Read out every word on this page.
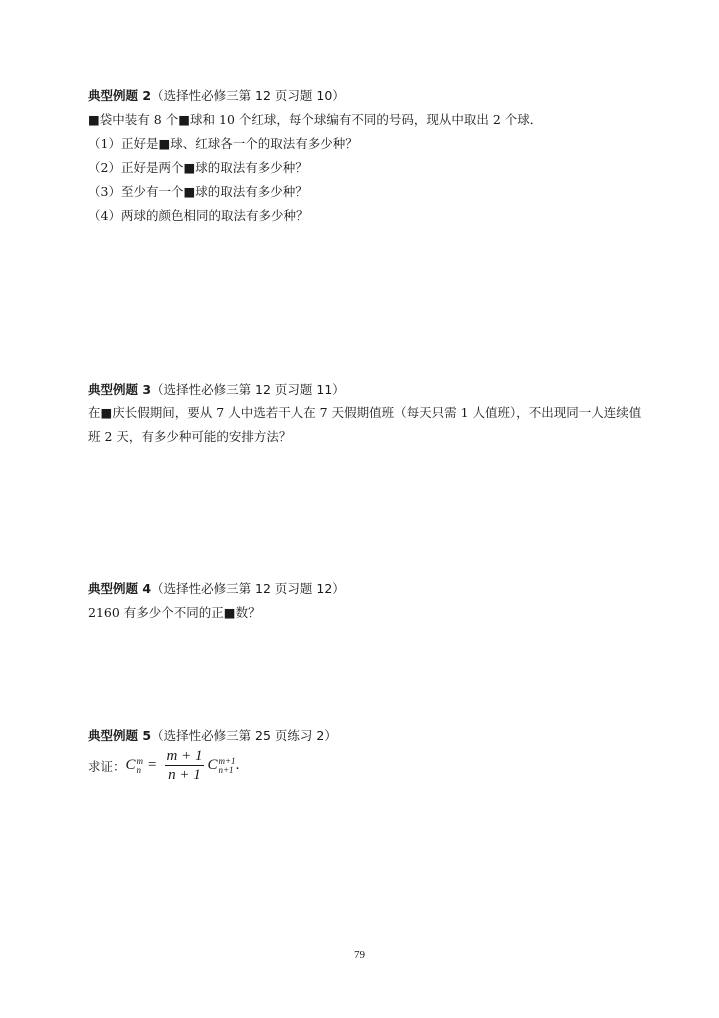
典型例题 2（选择性必修三第 12 页习题 10）
■袋中装有 8 个■球和 10 个红球，每个球编有不同的号码，现从中取出 2 个球．
（1）正好是■球、红球各一个的取法有多少种？
（2）正好是两个■球的取法有多少种？
（3）至少有一个■球的取法有多少种？
（4）两球的颜色相同的取法有多少种？
典型例题 3（选择性必修三第 12 页习题 11）
在■庆长假期间，要从 7 人中选若干人在 7 天假期值班（每天只需 1 人值班），不出现同一人连续值班 2 天，有多少种可能的安排方法？
典型例题 4（选择性必修三第 12 页习题 12）
2160 有多少个不同的正■数？
典型例题 5（选择性必修三第 25 页练习 2）
求证： C m
$n = \frac{m + 1}{n + 1}$ C m+1
n+1 .
79
